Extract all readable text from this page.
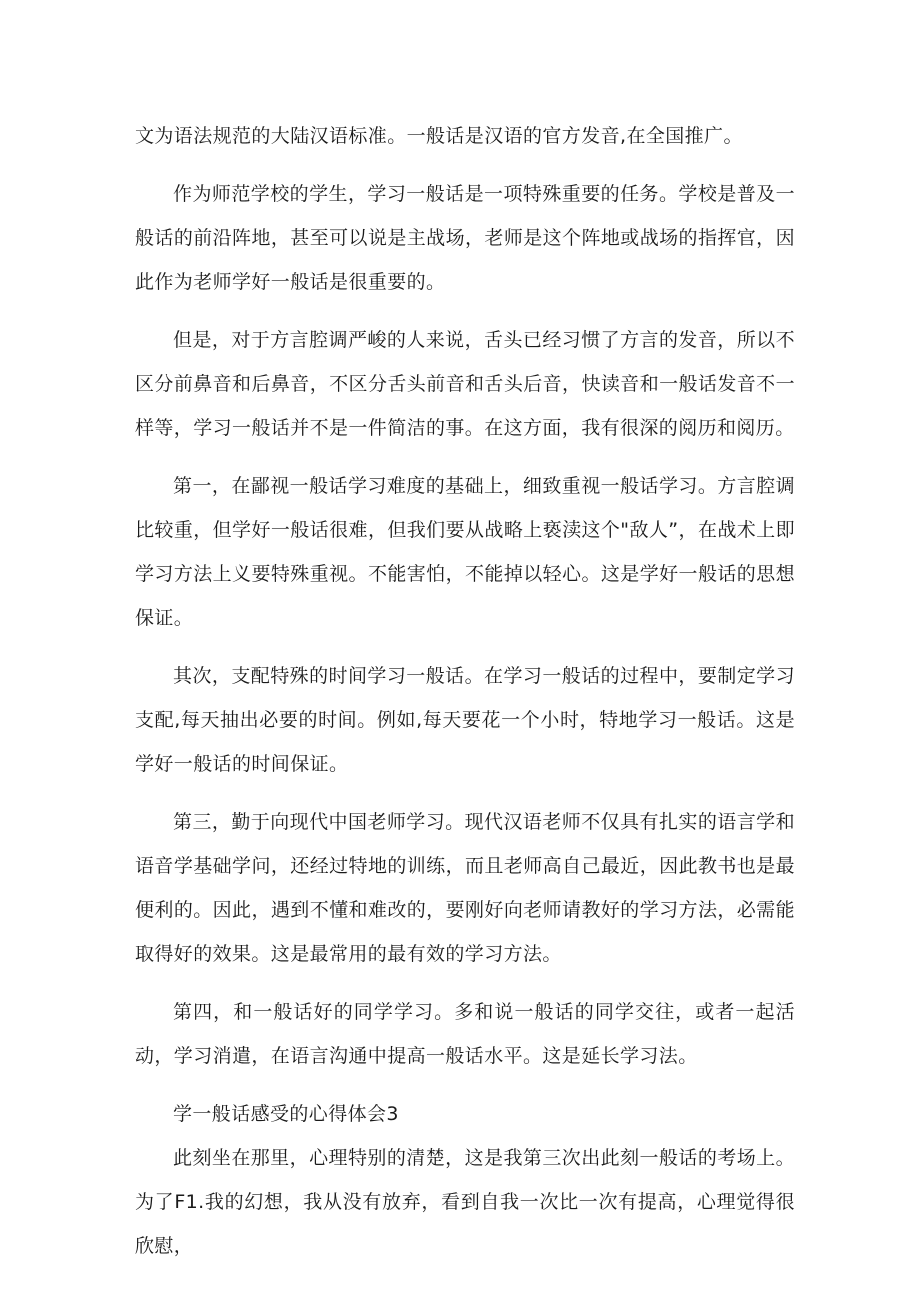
文为语法规范的大陆汉语标准。一般话是汉语的官方发音,在全国推广。

作为师范学校的学生，学习一般话是一项特殊重要的任务。学校是普及一般话的前沿阵地，甚至可以说是主战场，老师是这个阵地或战场的指挥官，因此作为老师学好一般话是很重要的。

但是，对于方言腔调严峻的人来说，舌头已经习惯了方言的发音，所以不区分前鼻音和后鼻音，不区分舌头前音和舌头后音，快读音和一般话发音不一样等，学习一般话并不是一件简洁的事。在这方面，我有很深的阅历和阅历。

第一，在鄙视一般话学习难度的基础上，细致重视一般话学习。方言腔调比较重，但学好一般话很难，但我们要从战略上亵渎这个"敌人”，在战术上即学习方法上义要特殊重视。不能害怕，不能掉以轻心。这是学好一般话的思想保证。

其次，支配特殊的时间学习一般话。在学习一般话的过程中，要制定学习支配,每天抽出必要的时间。例如,每天要花一个小时，特地学习一般话。这是学好一般话的时间保证。

第三，勤于向现代中国老师学习。现代汉语老师不仅具有扎实的语言学和语音学基础学问，还经过特地的训练，而且老师高自己最近，因此教书也是最便利的。因此，遇到不懂和难改的，要刚好向老师请教好的学习方法，必需能取得好的效果。这是最常用的最有效的学习方法。

第四，和一般话好的同学学习。多和说一般话的同学交往，或者一起活动，学习消遣，在语言沟通中提高一般话水平。这是延长学习法。

学一般话感受的心得体会3

此刻坐在那里，心理特别的清楚，这是我第三次出此刻一般话的考场上。为了F1.我的幻想，我从没有放弃，看到自我一次比一次有提高，心理觉得很欣慰，
